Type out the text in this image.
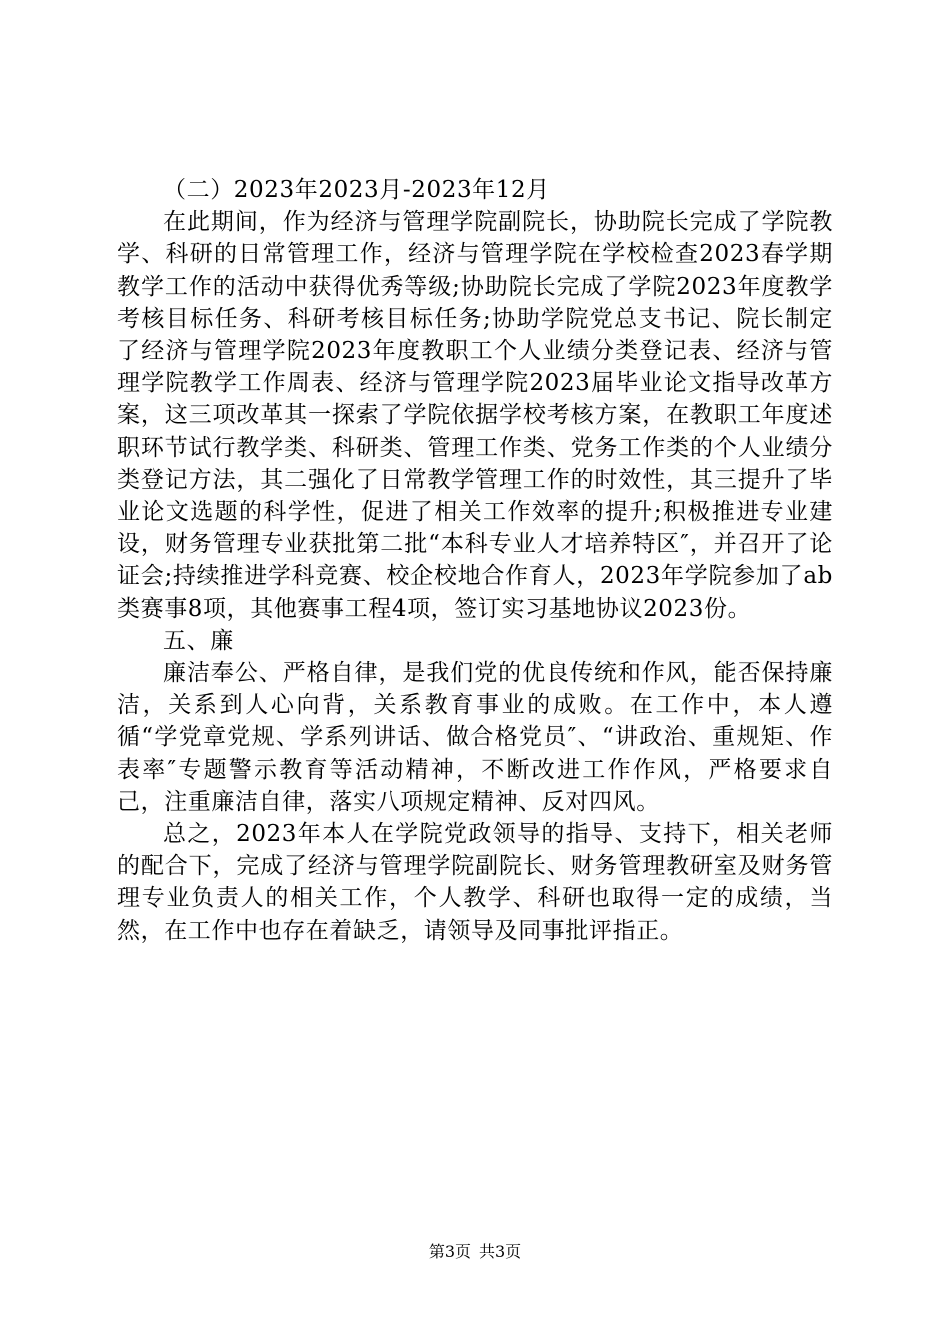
（二）2023年2023月-2023年12月

在此期间，作为经济与管理学院副院长，协助院长完成了学院教学、科研的日常管理工作，经济与管理学院在学校检查2023春学期教学工作的活动中获得优秀等级;协助院长完成了学院2023年度教学考核目标任务、科研考核目标任务;协助学院党总支书记、院长制定了经济与管理学院2023年度教职工个人业绩分类登记表、经济与管理学院教学工作周表、经济与管理学院2023届毕业论文指导改革方案，这三项改革其一探索了学院依据学校考核方案，在教职工年度述职环节试行教学类、科研类、管理工作类、党务工作类的个人业绩分类登记方法，其二强化了日常教学管理工作的时效性，其三提升了毕业论文选题的科学性，促进了相关工作效率的提升;积极推进专业建设，财务管理专业获批第二批“本科专业人才培养特区″，并召开了论证会;持续推进学科竞赛、校企校地合作育人，2023年学院参加了ab类赛事8项，其他赛事工程4项，签订实习基地协议2023份。

五、廉

廉洁奉公、严格自律，是我们党的优良传统和作风，能否保持廉洁，关系到人心向背，关系教育事业的成败。在工作中，本人遵循“学党章党规、学系列讲话、做合格党员″、“讲政治、重规矩、作表率″专题警示教育等活动精神，不断改进工作作风，严格要求自己，注重廉洁自律，落实八项规定精神、反对四风。

总之，2023年本人在学院党政领导的指导、支持下，相关老师的配合下，完成了经济与管理学院副院长、财务管理教研室及财务管理专业负责人的相关工作，个人教学、科研也取得一定的成绩，当然，在工作中也存在着缺乏，请领导及同事批评指正。

第3页 共3页
